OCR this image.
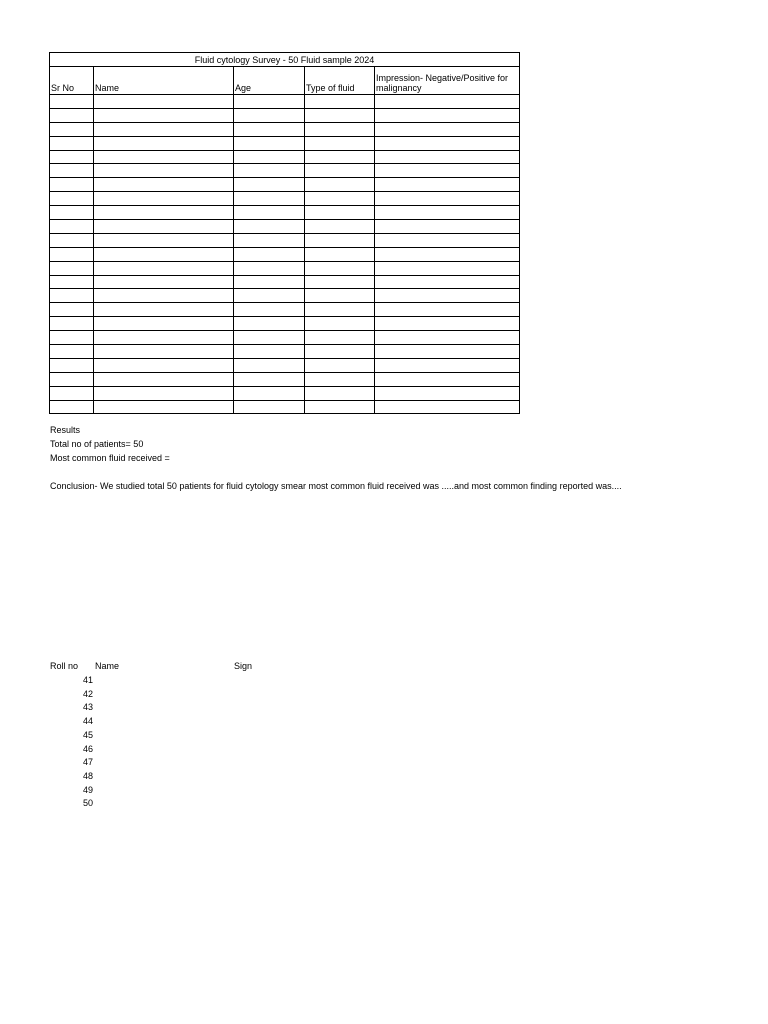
Fluid cytology Survey - 50 Fluid sample 2024				
Sr No	Name	Age	Type of fluid	Impression- Negative/Positive for malignancy

Results
Total no of patients= 50
Most common fluid received =
Conclusion- We studied total 50 patients for fluid cytology smear most common fluid received was .....and most common finding reported was....
Roll no Name	Sign
41
42
43
44
45
46
47
48
49
50
